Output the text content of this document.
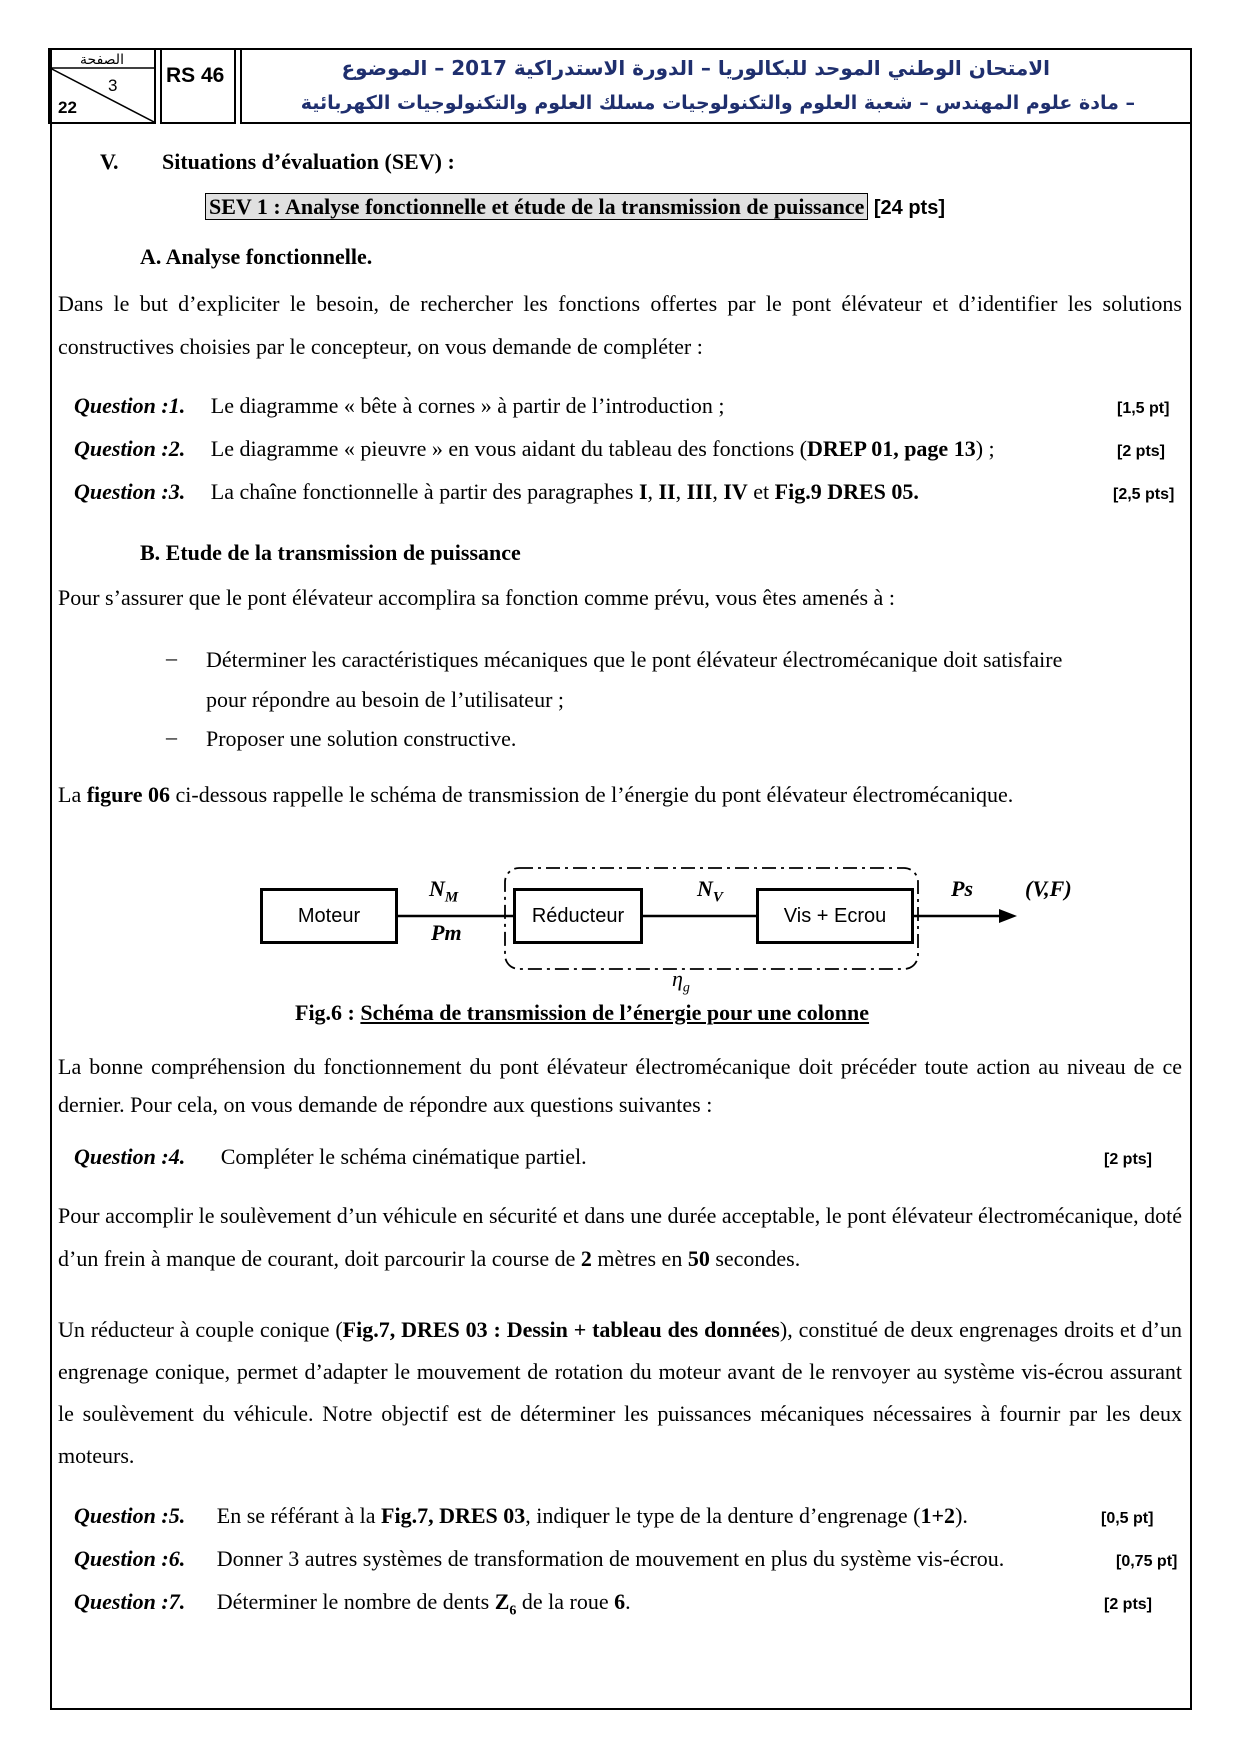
الصفحة
3
22
RS 46	الامتحان الوطني الموحد للبكالوريا – الدورة الاستدراكية 2017 – الموضوع
– مادة علوم المهندس – شعبة العلوم والتكنولوجيات مسلك العلوم والتكنولوجيات الكهربائية
V. Situations d’évaluation (SEV) :
SEV 1 : Analyse fonctionnelle et étude de la transmission de puissance [24 pts]
A. Analyse fonctionnelle.
Dans le but d’expliciter le besoin, de rechercher les fonctions offertes par le pont élévateur et d’identifier les solutions constructives choisies par le concepteur, on vous demande de compléter :
Question :1. Le diagramme « bête à cornes » à partir de l’introduction ;	[1,5 pt]
Question :2. Le diagramme « pieuvre » en vous aidant du tableau des fonctions (DREP 01, page 13) ;	[2 pts]
Question :3. La chaîne fonctionnelle à partir des paragraphes I, II, III, IV et Fig.9 DRES 05.	[2,5 pts]
B. Etude de la transmission de puissance
Pour s’assurer que le pont élévateur accomplira sa fonction comme prévu, vous êtes amenés à :
– Déterminer les caractéristiques mécaniques que le pont élévateur électromécanique doit satisfaire
pour répondre au besoin de l’utilisateur ;
– Proposer une solution constructive.
La figure 06 ci-dessous rappelle le schéma de transmission de l’énergie du pont élévateur électromécanique.
Moteur	Réducteur	Vis + Ecrou
$N_M$
Pm
$N_V$	Ps (V,F)
$\eta_g$
Fig.6 : Schéma de transmission de l’énergie pour une colonne
La bonne compréhension du fonctionnement du pont élévateur électromécanique doit précéder toute action au niveau de ce dernier. Pour cela, on vous demande de répondre aux questions suivantes :
Question :4. Compléter le schéma cinématique partiel.	[2 pts]
Pour accomplir le soulèvement d’un véhicule en sécurité et dans une durée acceptable, le pont élévateur électromécanique, doté d’un frein à manque de courant, doit parcourir la course de 2 mètres en 50 secondes.
Un réducteur à couple conique (Fig.7, DRES 03 : Dessin + tableau des données), constitué de deux engrenages droits et d’un engrenage conique, permet d’adapter le mouvement de rotation du moteur avant de le renvoyer au système vis-écrou assurant le soulèvement du véhicule. Notre objectif est de déterminer les puissances mécaniques nécessaires à fournir par les deux moteurs.
Question :5. En se référant à la Fig.7, DRES 03, indiquer le type de la denture d’engrenage (1+2).	[0,5 pt]
Question :6. Donner 3 autres systèmes de transformation de mouvement en plus du système vis-écrou.	[0,75 pt]
Question :7. Déterminer le nombre de dents $Z_6$ de la roue 6.	[2 pts]
